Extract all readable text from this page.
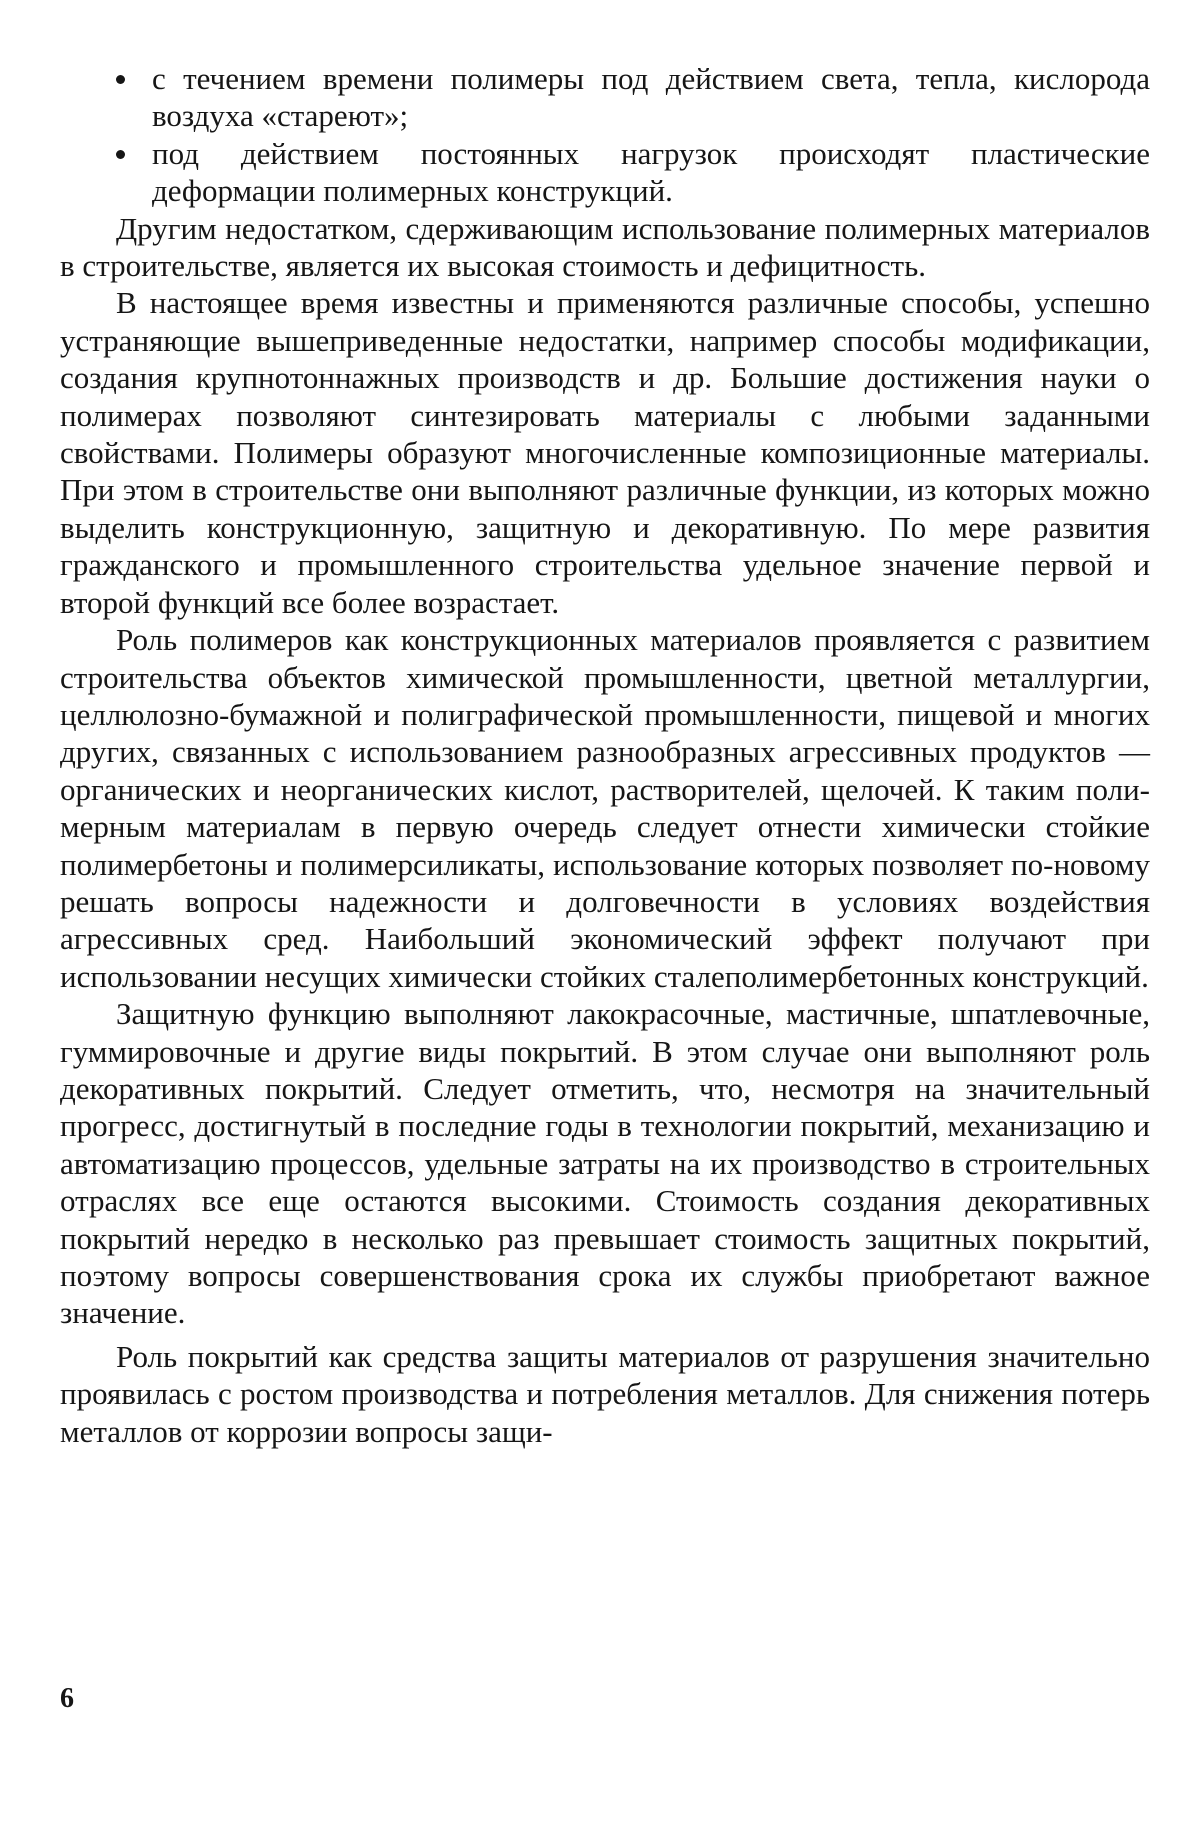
с течением времени полимеры под действием света, тепла, кислорода воздуха «стареют»;
под действием постоянных нагрузок происходят пластические деформации полимерных конструкций.

Другим недостатком, сдерживающим использование полимерных материалов в строительстве, является их высокая стоимость и дефицитность.

В настоящее время известны и применяются различные способы, успешно устраняющие вышеприведенные недостатки, например способы модификации, создания крупнотоннажных производств и др. Большие достижения науки о полимерах позволяют синтезировать материалы с любыми заданными свойствами. Полимеры образуют многочисленные композиционные материалы. При этом в строительстве они выполняют различные функции, из которых можно выделить конструкционную, защитную и декоративную. По мере развития гражданского и промышленного строительства удельное значение первой и второй функций все более возрастает.

Роль полимеров как конструкционных материалов проявляется с развитием строительства объектов химической промышленности, цветной металлургии, целлюлозно-бумажной и полиграфической промышленности, пищевой и многих других, связанных с использованием разнообразных агрессивных продуктов — органических и неорганических кислот, растворителей, щелочей. К таким полимерным материалам в первую очередь следует отнести химически стойкие полимербетоны и полимерсиликаты, использование которых позволяет по-новому решать вопросы надежности и долговечности в условиях воздействия агрессивных сред. Наибольший экономический эффект получают при использовании несущих химически стойких сталеполимербетонных конструкций.

Защитную функцию выполняют лакокрасочные, мастичные, шпатлевочные, гуммировочные и другие виды покрытий. В этом случае они выполняют роль декоративных покрытий. Следует отметить, что, несмотря на значительный прогресс, достигнутый в последние годы в технологии покрытий, механизацию и автоматизацию процессов, удельные затраты на их производство в строительных отраслях все еще остаются высокими. Стоимость создания декоративных покрытий нередко в несколько раз превышает стоимость защитных покрытий, поэтому вопросы совершенствования срока их службы приобретают важное значение.

Роль покрытий как средства защиты материалов от разрушения значительно проявилась с ростом производства и потребления металлов. Для снижения потерь металлов от коррозии вопросы защи-

6
